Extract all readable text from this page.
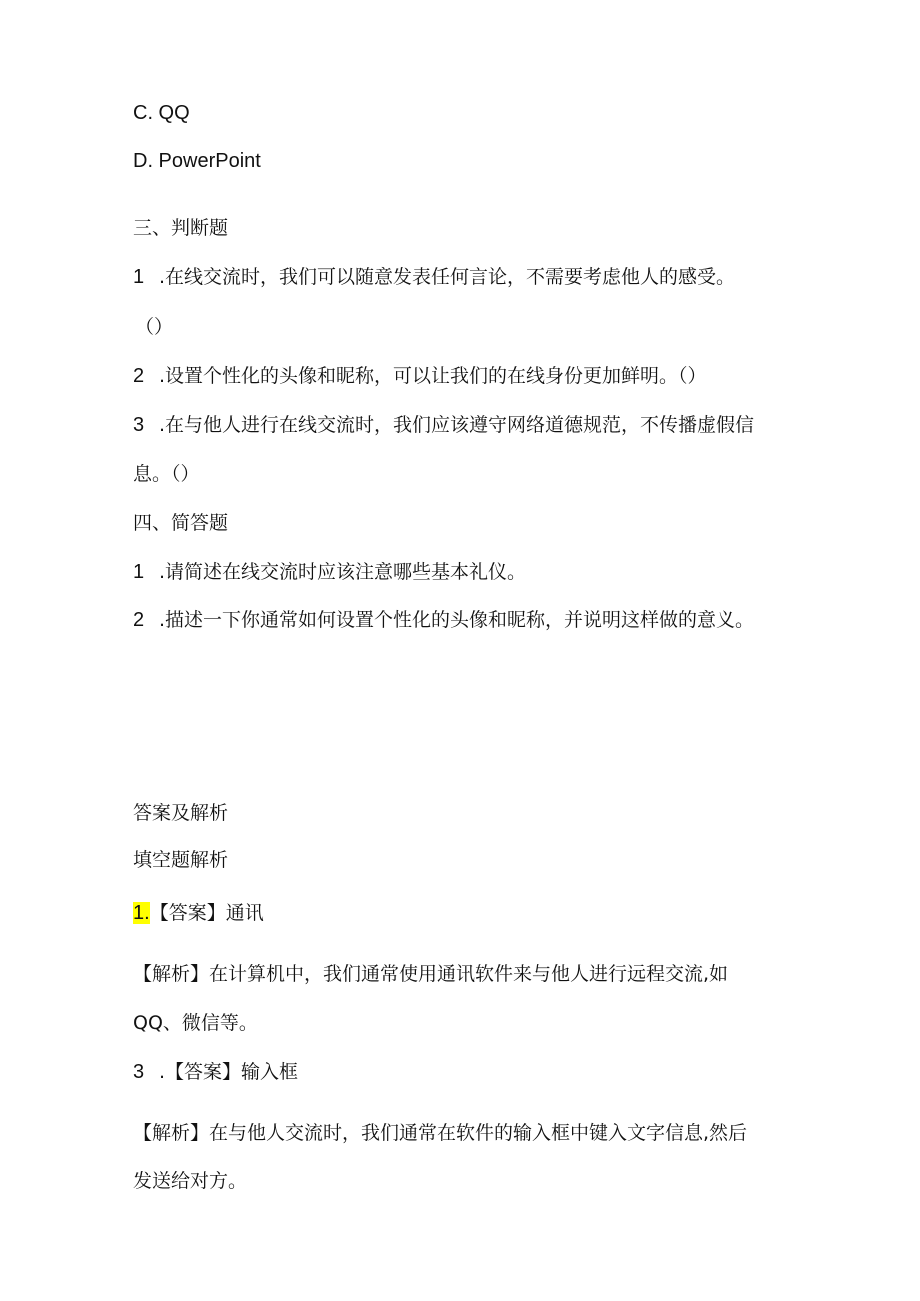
C. QQ
D. PowerPoint
三、判断题
1 .在线交流时，我们可以随意发表任何言论，不需要考虑他人的感受。
（）
2 .设置个性化的头像和昵称，可以让我们的在线身份更加鲜明。（）
3 .在与他人进行在线交流时，我们应该遵守网络道德规范，不传播虚假信
息。（）
四、简答题
1 .请简述在线交流时应该注意哪些基本礼仪。
2 .描述一下你通常如何设置个性化的头像和昵称，并说明这样做的意义。
答案及解析
填空题解析
1.【答案】通讯
【解析】在计算机中，我们通常使用通讯软件来与他人进行远程交流,如
QQ、微信等。
3 .【答案】输入框
【解析】在与他人交流时，我们通常在软件的输入框中键入文字信息,然后
发送给对方。
